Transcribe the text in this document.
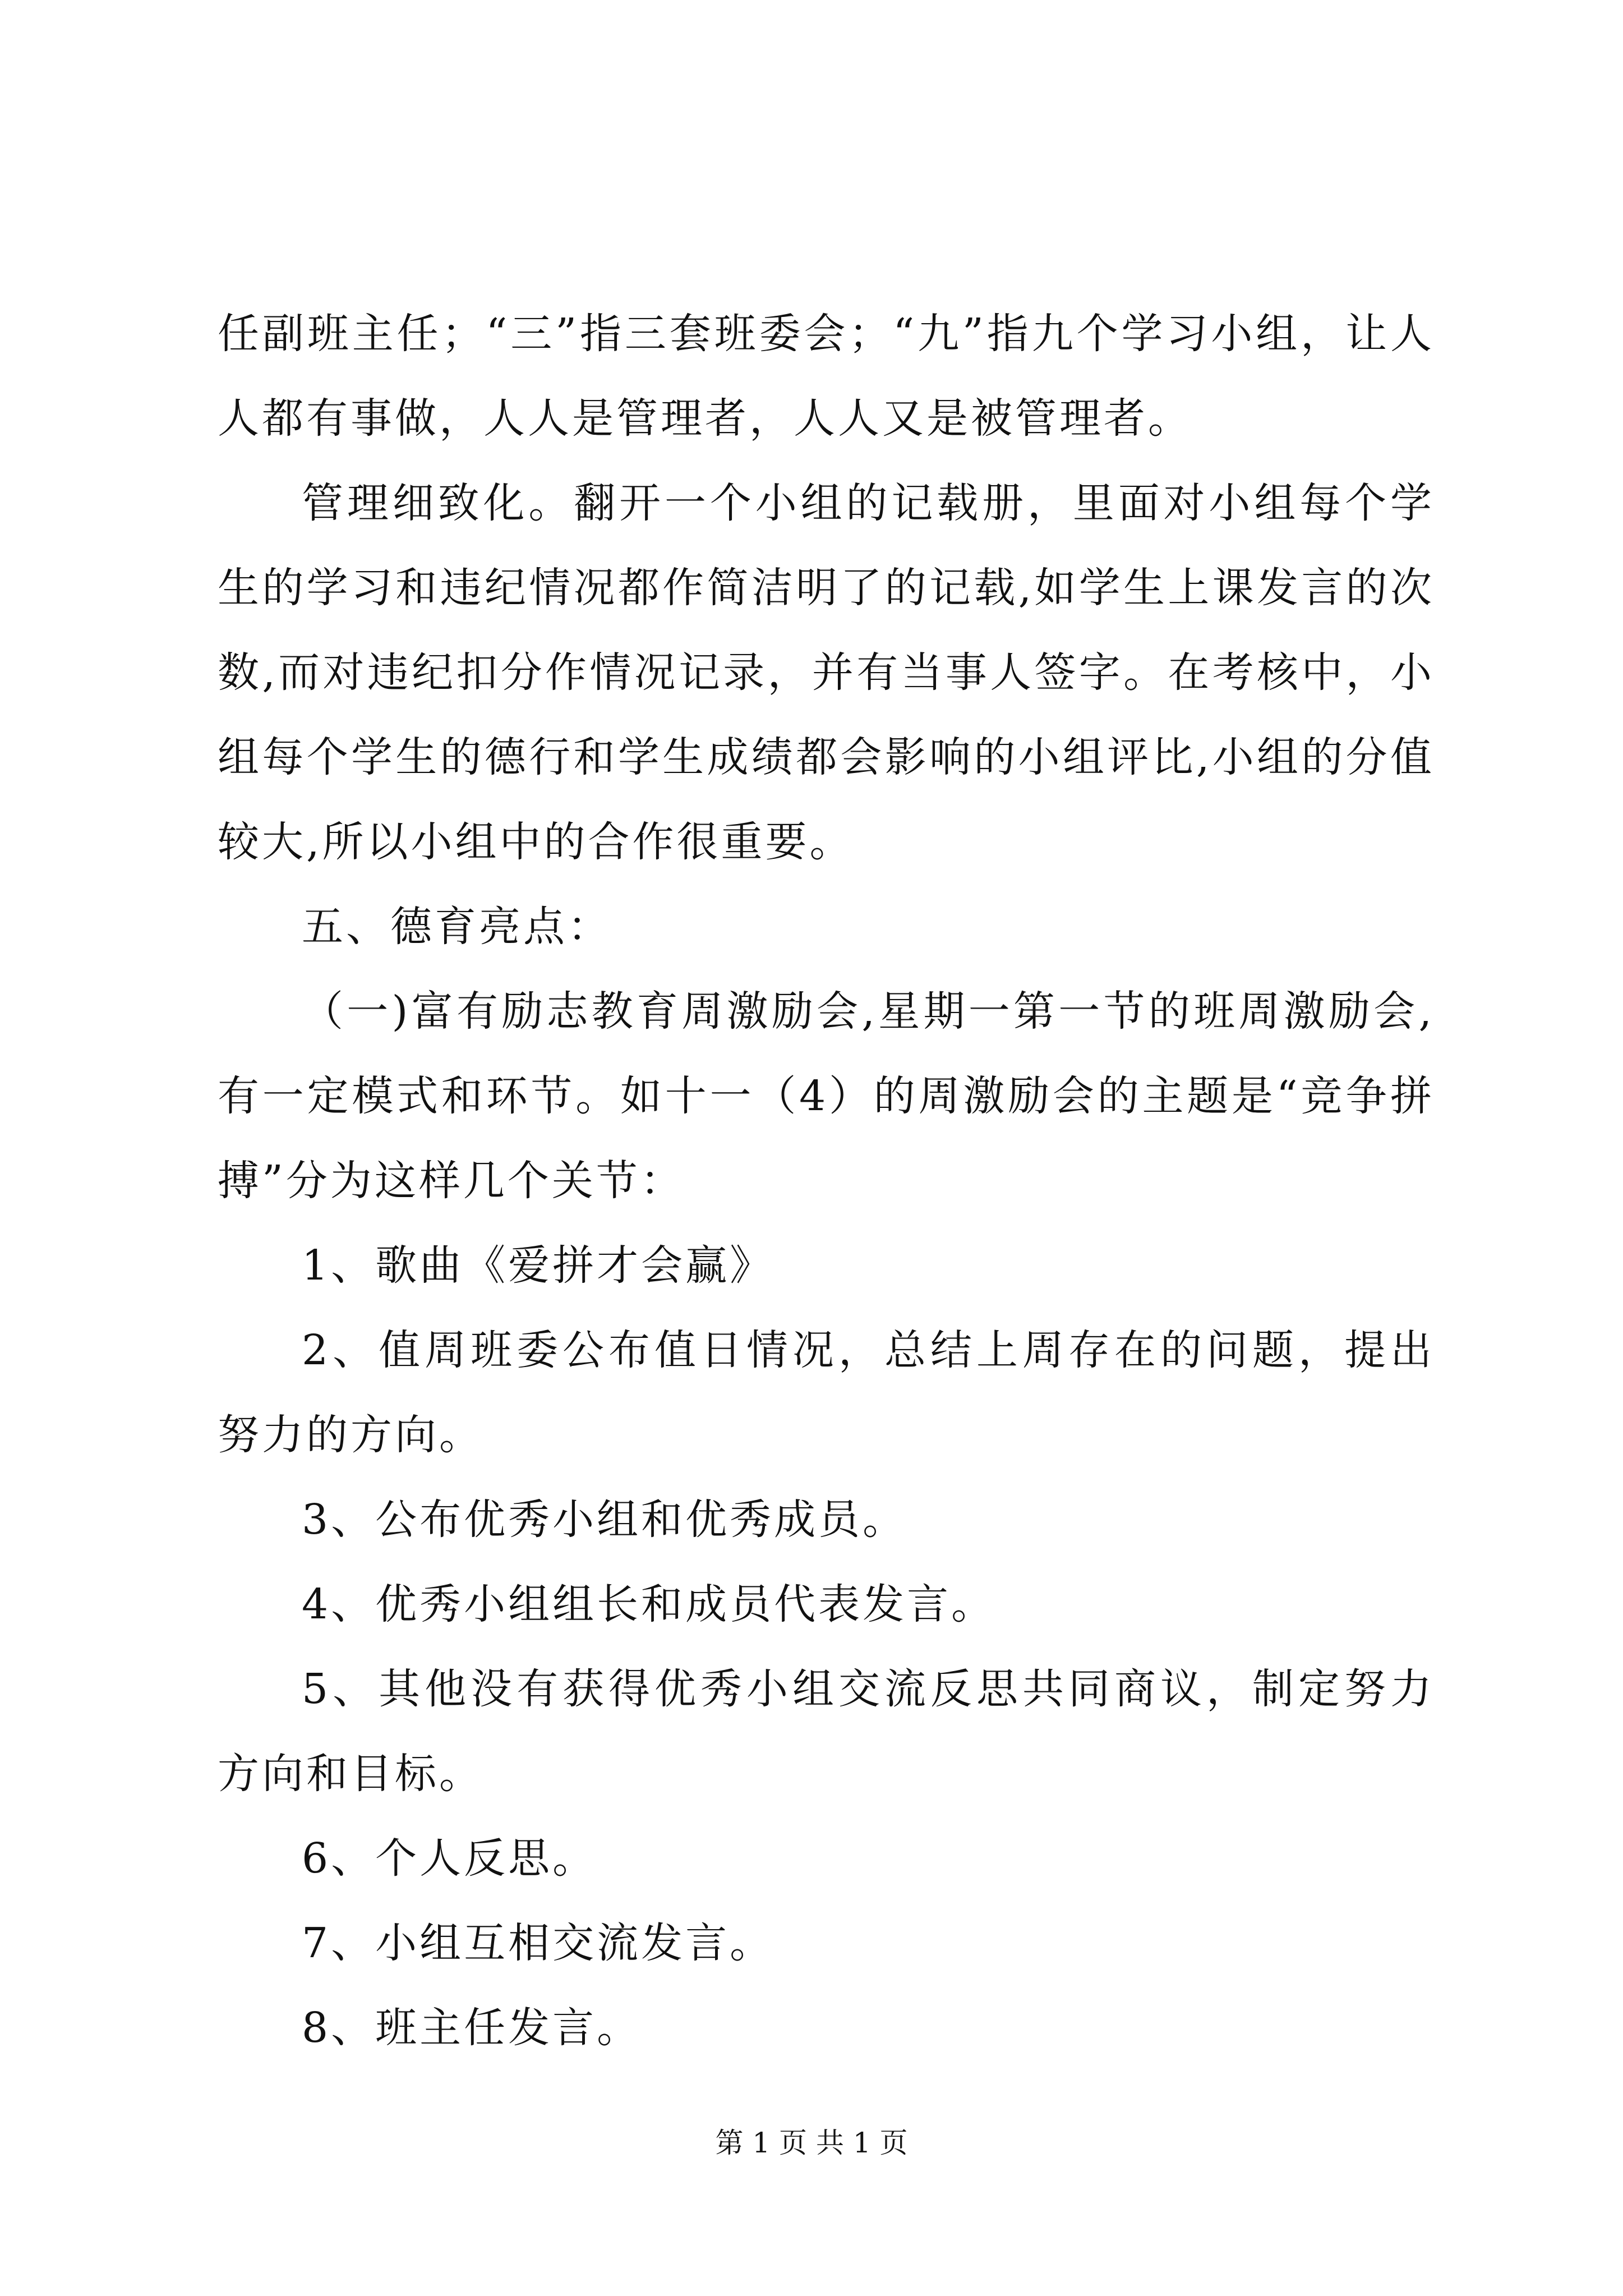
任副班主任；“三”指三套班委会；“九”指九个学习小组，让人人都有事做，人人是管理者，人人又是被管理者。

管理细致化。翻开一个小组的记载册，里面对小组每个学生的学习和违纪情况都作简洁明了的记载,如学生上课发言的次数,而对违纪扣分作情况记录，并有当事人签字。在考核中，小组每个学生的德行和学生成绩都会影响的小组评比,小组的分值较大,所以小组中的合作很重要。

五、德育亮点：

（一)富有励志教育周激励会,星期一第一节的班周激励会,有一定模式和环节。如十一（4）的周激励会的主题是“竞争拼搏”分为这样几个关节：

1、歌曲《爱拼才会赢》

2、值周班委公布值日情况，总结上周存在的问题，提出努力的方向。

3、公布优秀小组和优秀成员。

4、优秀小组组长和成员代表发言。

5、其他没有获得优秀小组交流反思共同商议，制定努力方向和目标。

6、个人反思。

7、小组互相交流发言。

8、班主任发言。

第 1 页 共 1 页
